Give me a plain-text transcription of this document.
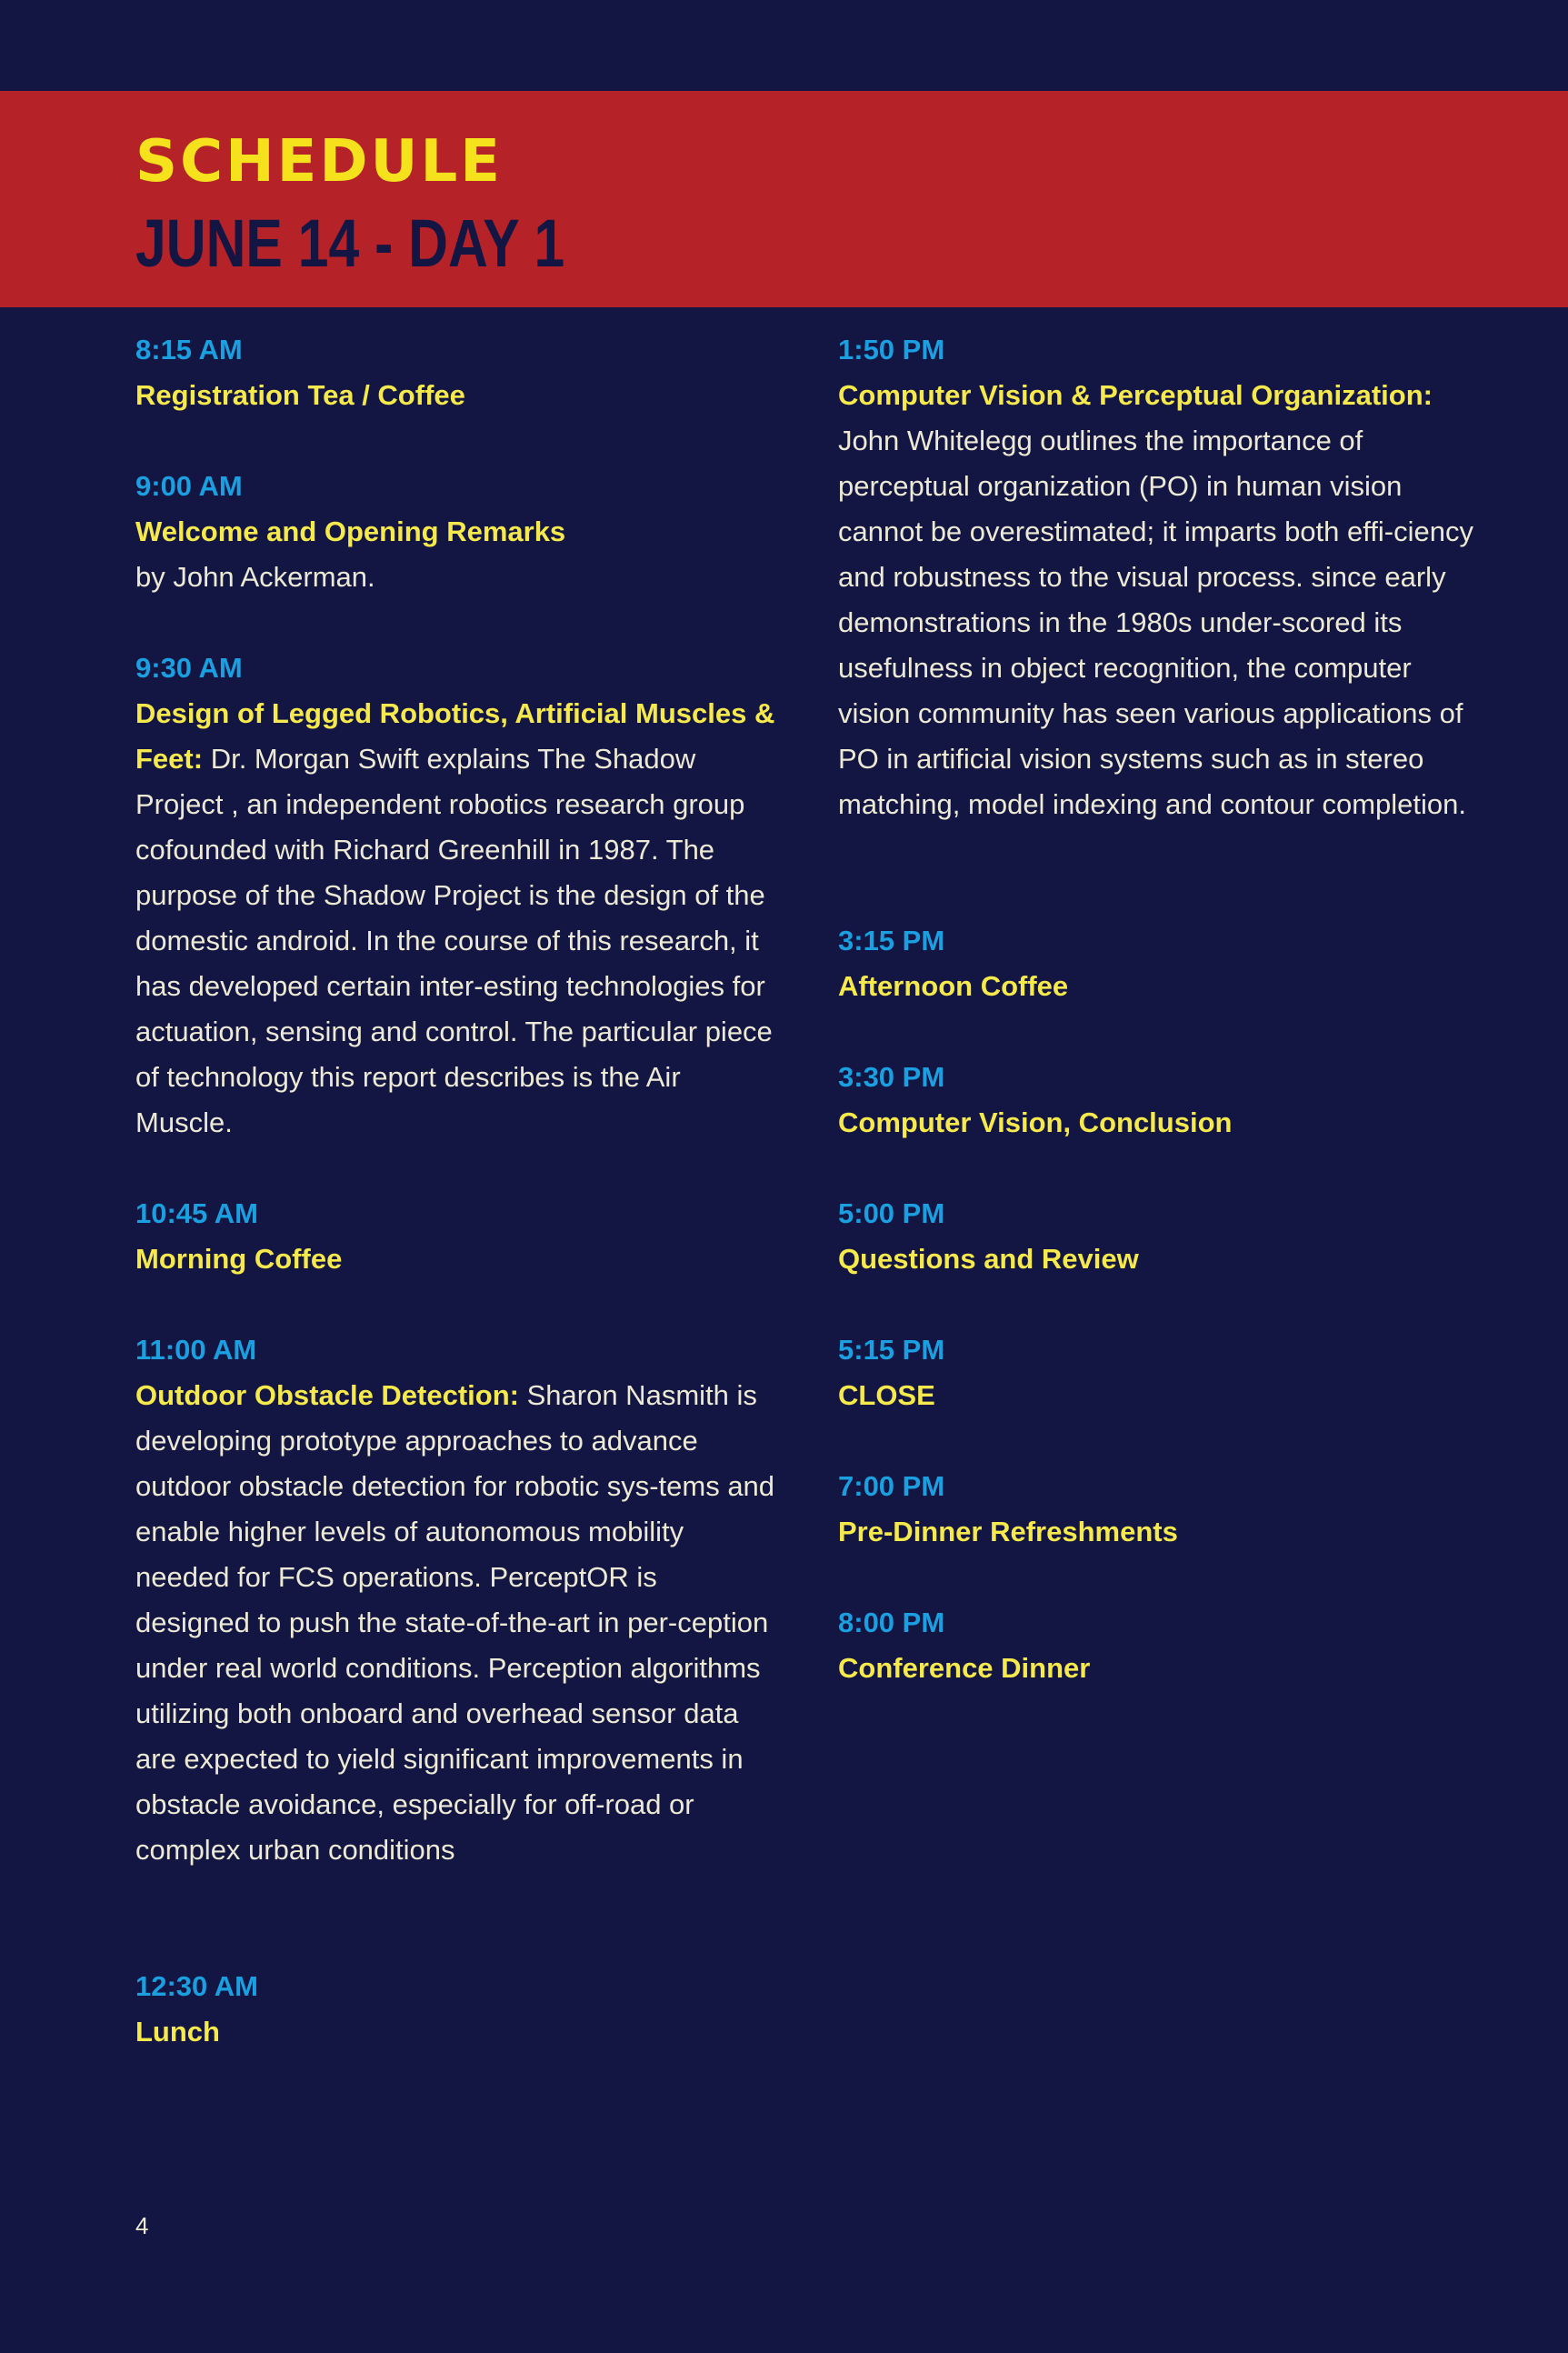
SCHEDULE
JUNE 14 - DAY 1
8:15 AM
Registration Tea / Coffee
9:00 AM
Welcome and Opening Remarks
by John Ackerman.
9:30 AM
Design of Legged Robotics, Artificial Muscles & Feet: Dr. Morgan Swift explains The Shadow Project , an independent robotics research group cofounded with Richard Greenhill in 1987. The purpose of the Shadow Project is the design of the domestic android. In the course of this research, it has developed certain inter-esting technologies for actuation, sensing and control. The particular piece of technology this report describes is the Air Muscle.
10:45 AM
Morning Coffee
11:00 AM
Outdoor Obstacle Detection: Sharon Nasmith is developing prototype approaches to advance outdoor obstacle detection for robotic sys-tems and enable higher levels of autonomous mobility needed for FCS operations. PerceptOR is designed to push the state-of-the-art in per-ception under real world conditions. Perception algorithms utilizing both onboard and overhead sensor data are expected to yield significant improvements in obstacle avoidance, especially for off-road or complex urban conditions
12:30 AM
Lunch
1:50 PM
Computer Vision & Perceptual Organization:
John Whitelegg outlines the importance of perceptual organization (PO) in human vision cannot be overestimated; it imparts both effi-ciency and robustness to the visual process. since early demonstrations in the 1980s under-scored its usefulness in object recognition, the computer vision community has seen various applications of PO in artificial vision systems such as in stereo matching, model indexing and contour completion.
3:15 PM
Afternoon Coffee
3:30 PM
Computer Vision, Conclusion
5:00 PM
Questions and Review
5:15 PM
CLOSE
7:00 PM
Pre-Dinner Refreshments
8:00 PM
Conference Dinner
4
